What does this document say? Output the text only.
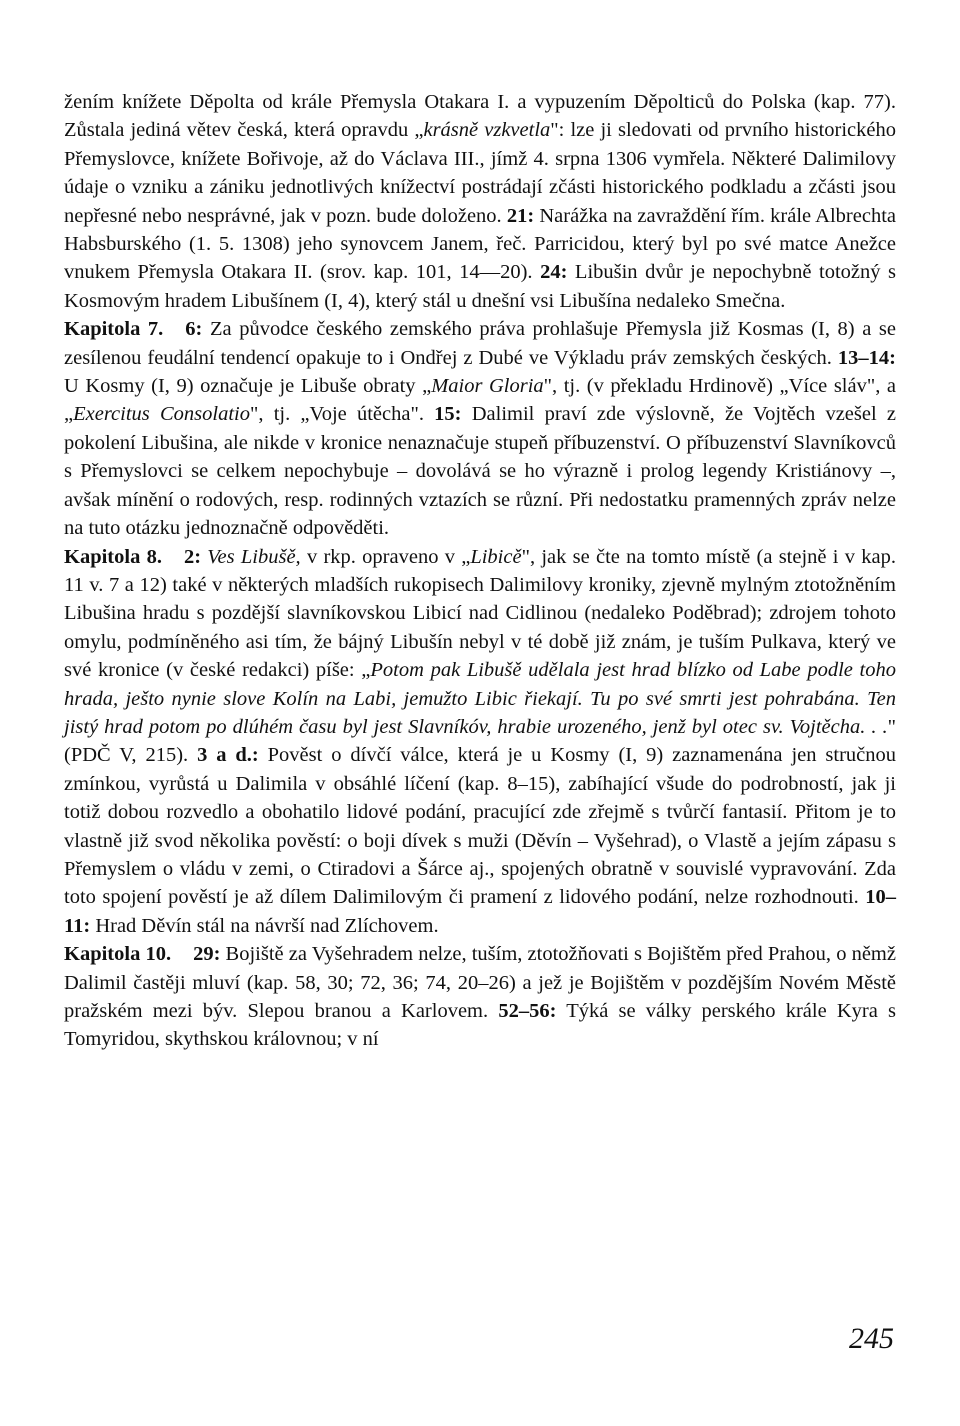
žením knížete Děpolta od krále Přemysla Otakara I. a vypuzením Děpolticů do Polska (kap. 77). Zůstala jediná větev česká, která opravdu „krásně vzkvetla": lze ji sledovati od prvního historického Přemyslovce, knížete Bořivoje, až do Václava III., jímž 4. srpna 1306 vymřela. Některé Dalimilovy údaje o vzniku a zániku jednotlivých knížectví postrádají zčásti historického podkladu a zčásti jsou nepřesné nebo nesprávné, jak v pozn. bude doloženo. 21: Narážka na zavraždění řím. krále Albrechta Habsburského (1. 5. 1308) jeho synovcem Janem, řeč. Parricidou, který byl po své matce Anežce vnukem Přemysla Otakara II. (srov. kap. 101, 14—20). 24: Libušin dvůr je nepochybně totožný s Kosmovým hradem Libušínem (I, 4), který stál u dnešní vsi Libušína nedaleko Smečna.

Kapitola 7. 6: Za původce českého zemského práva prohlašuje Přemysla již Kosmas (I, 8) a se zesílenou feudální tendencí opakuje to i Ondřej z Dubé ve Výkladu práv zemských českých. 13–14: U Kosmy (I, 9) označuje je Libuše obraty „Maior Gloria", tj. (v překladu Hrdinově) „Více sláv", a „Exercitus Consolatio", tj. „Voje útěcha". 15: Dalimil praví zde výslovně, že Vojtěch vzešel z pokolení Libušina, ale nikde v kronice nenaznačuje stupeň příbuzenství. O příbuzenství Slavníkovců s Přemyslovci se celkem nepochybuje – dovolává se ho výrazně i prolog legendy Kristiánovy –, avšak mínění o rodových, resp. rodinných vztazích se různí. Při nedostatku pramenných zpráv nelze na tuto otázku jednoznačně odpověděti.

Kapitola 8. 2: Ves Libušě, v rkp. opraveno v „Libicě", jak se čte na tomto místě (a stejně i v kap. 11 v. 7 a 12) také v některých mladších rukopisech Dalimilovy kroniky, zjevně mylným ztotožněním Libušina hradu s pozdější slavníkovskou Libicí nad Cidlinou (nedaleko Poděbrad); zdrojem tohoto omylu, podmíněného asi tím, že bájný Libušín nebyl v té době již znám, je tuším Pulkava, který ve své kronice (v české redakci) píše: „Potom pak Libušě udělala jest hrad blízko od Labe podle toho hrada, ješto nynie slove Kolín na Labi, jemužto Libic řiekají. Tu po své smrti jest pohrabána. Ten jistý hrad potom po dlúhém času byl jest Slavníkóv, hrabie urozeného, jenž byl otec sv. Vojtěcha. . ." (PDČ V, 215). 3 a d.: Pověst o dívčí válce, která je u Kosmy (I, 9) zaznamenána jen stručnou zmínkou, vyrůstá u Dalimila v obsáhlé líčení (kap. 8–15), zabíhající všude do podrobností, jak ji totiž dobou rozvedlo a obohatilo lidové podání, pracující zde zřejmě s tvůrčí fantasií. Přitom je to vlastně již svod několika pověstí: o boji dívek s muži (Děvín – Vyšehrad), o Vlastě a jejím zápasu s Přemyslem o vládu v zemi, o Ctiradovi a Šárce aj., spojených obratně v souvislé vypravování. Zda toto spojení pověstí je až dílem Dalimilovým či pramení z lidového podání, nelze rozhodnouti. 10–11: Hrad Děvín stál na návrší nad Zlíchovem.

Kapitola 10. 29: Bojiště za Vyšehradem nelze, tuším, ztotožňovati s Bojištěm před Prahou, o němž Dalimil častěji mluví (kap. 58, 30; 72, 36; 74, 20–26) a jež je Bojištěm v pozdějším Novém Městě pražském mezi býv. Slepou branou a Karlovem. 52–56: Týká se války perského krále Kyra s Tomyridou, skythskou královnou; v ní

245
